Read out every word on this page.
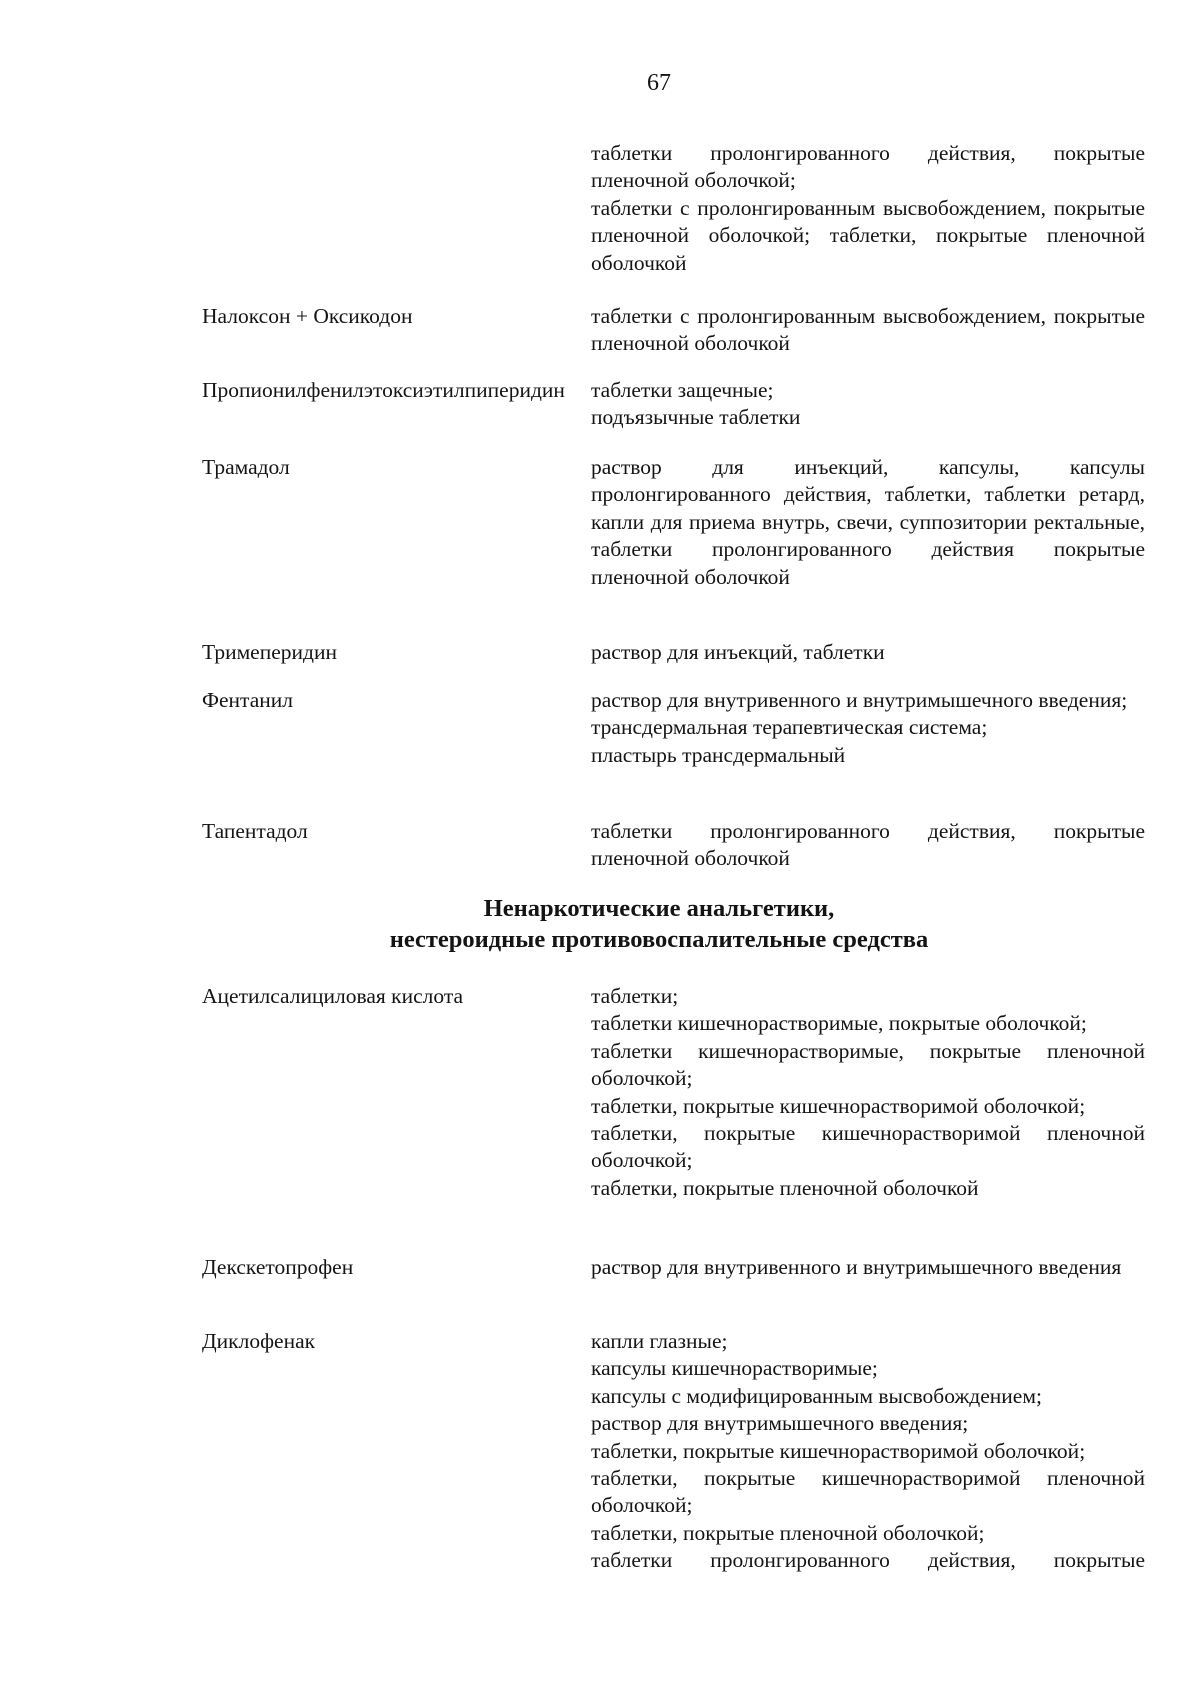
67
таблетки пролонгированного действия, покрытые пленочной оболочкой;
таблетки с пролонгированным высвобождением, покрытые пленочной оболочкой; таблетки, покрытые пленочной оболочкой
Налоксон + Оксикодон	таблетки с пролонгированным высвобождением, покрытые пленочной оболочкой
Пропионилфенилэтоксиэтилпиперидин	таблетки защечные;
подъязычные таблетки
Трамадол	раствор для инъекций, капсулы, капсулы пролонгированного действия, таблетки, таблетки ретард, капли для приема внутрь, свечи, суппозитории ректальные, таблетки пролонгированного действия покрытые пленочной оболочкой
Тримеперидин	раствор для инъекций, таблетки
Фентанил	раствор для внутривенного и внутримышечного введения;
трансдермальная терапевтическая система;
пластырь трансдермальный
Тапентадол	таблетки пролонгированного действия, покрытые пленочной оболочкой
Ненаркотические анальгетики,
нестероидные противовоспалительные средства
Ацетилсалициловая кислота	таблетки;
таблетки кишечнорастворимые, покрытые оболочкой;
таблетки кишечнорастворимые, покрытые пленочной оболочкой;
таблетки, покрытые кишечнорастворимой оболочкой;
таблетки, покрытые кишечнорастворимой пленочной оболочкой;
таблетки, покрытые пленочной оболочкой
Декскетопрофен	раствор для внутривенного и внутримышечного введения
Диклофенак	капли глазные;
капсулы кишечнорастворимые;
капсулы с модифицированным высвобождением;
раствор для внутримышечного введения;
таблетки, покрытые кишечнорастворимой оболочкой;
таблетки, покрытые кишечнорастворимой пленочной оболочкой;
таблетки, покрытые пленочной оболочкой;
таблетки пролонгированного действия, покрытые
